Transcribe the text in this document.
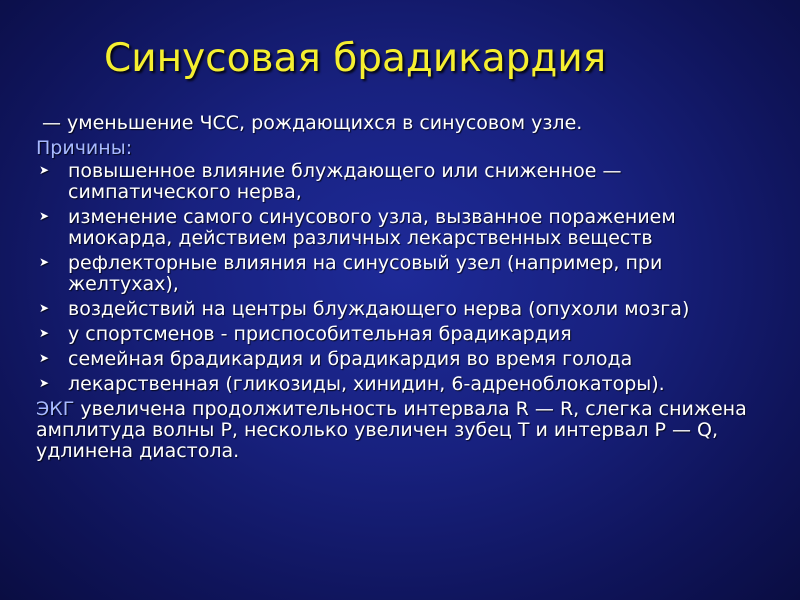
Синусовая брадикардия

— уменьшение ЧСС, рождающихся в синусовом узле.

Причины:

➤ повышенное влияние блуждающего или сниженное — симпатического нерва,
➤ изменение самого синусового узла, вызванное поражением миокарда, действием различных лекарственных веществ
➤ рефлекторные влияния на синусовый узел (например, при желтухах),
➤ воздействий на центры блуждающего нерва (опухоли мозга)
➤ у спортсменов - приспособительная брадикардия
➤ семейная брадикардия и брадикардия во время голода
➤ лекарственная (гликозиды, хинидин, 6-адреноблокаторы).

ЭКГ увеличена продолжительность интервала R — R, слегка снижена амплитуда волны Р, несколько увеличен зубец Т и интервал Р — Q, удлинена диастола.
